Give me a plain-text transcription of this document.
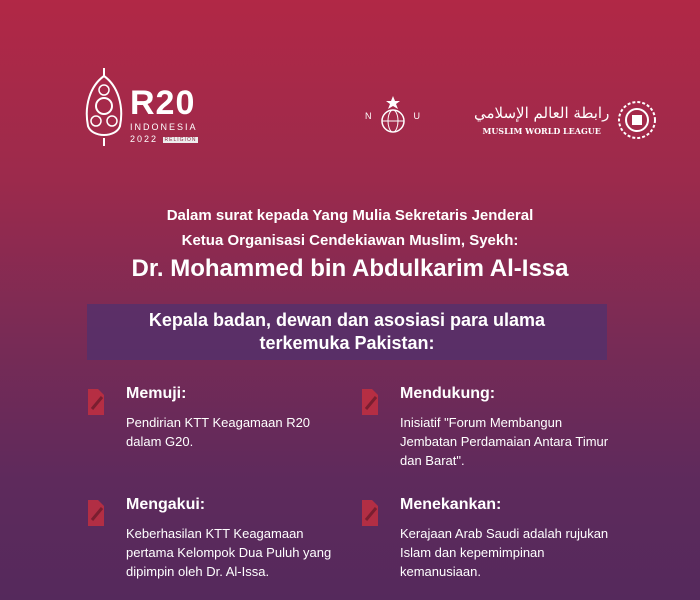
R20
INDONESIA
2022 RELIGION
N	U	رابطة العالم الإسلامي
MUSLIM WORLD LEAGUE
Dalam surat kepada Yang Mulia Sekretaris Jenderal
Ketua Organisasi Cendekiawan Muslim, Syekh:
Dr. Mohammed bin Abdulkarim Al-Issa
Kepala badan, dewan dan asosiasi para ulama
terkemuka Pakistan:
Memuji:

Pendirian KTT Keagamaan R20 dalam G20.

Mendukung:

Inisiatif "Forum Membangun Jembatan Perdamaian Antara Timur dan Barat".

Mengakui:

Keberhasilan KTT Keagamaan pertama Kelompok Dua Puluh yang dipimpin oleh Dr. Al-Issa.

Menekankan:

Kerajaan Arab Saudi adalah rujukan Islam dan kepemimpinan kemanusiaan.
